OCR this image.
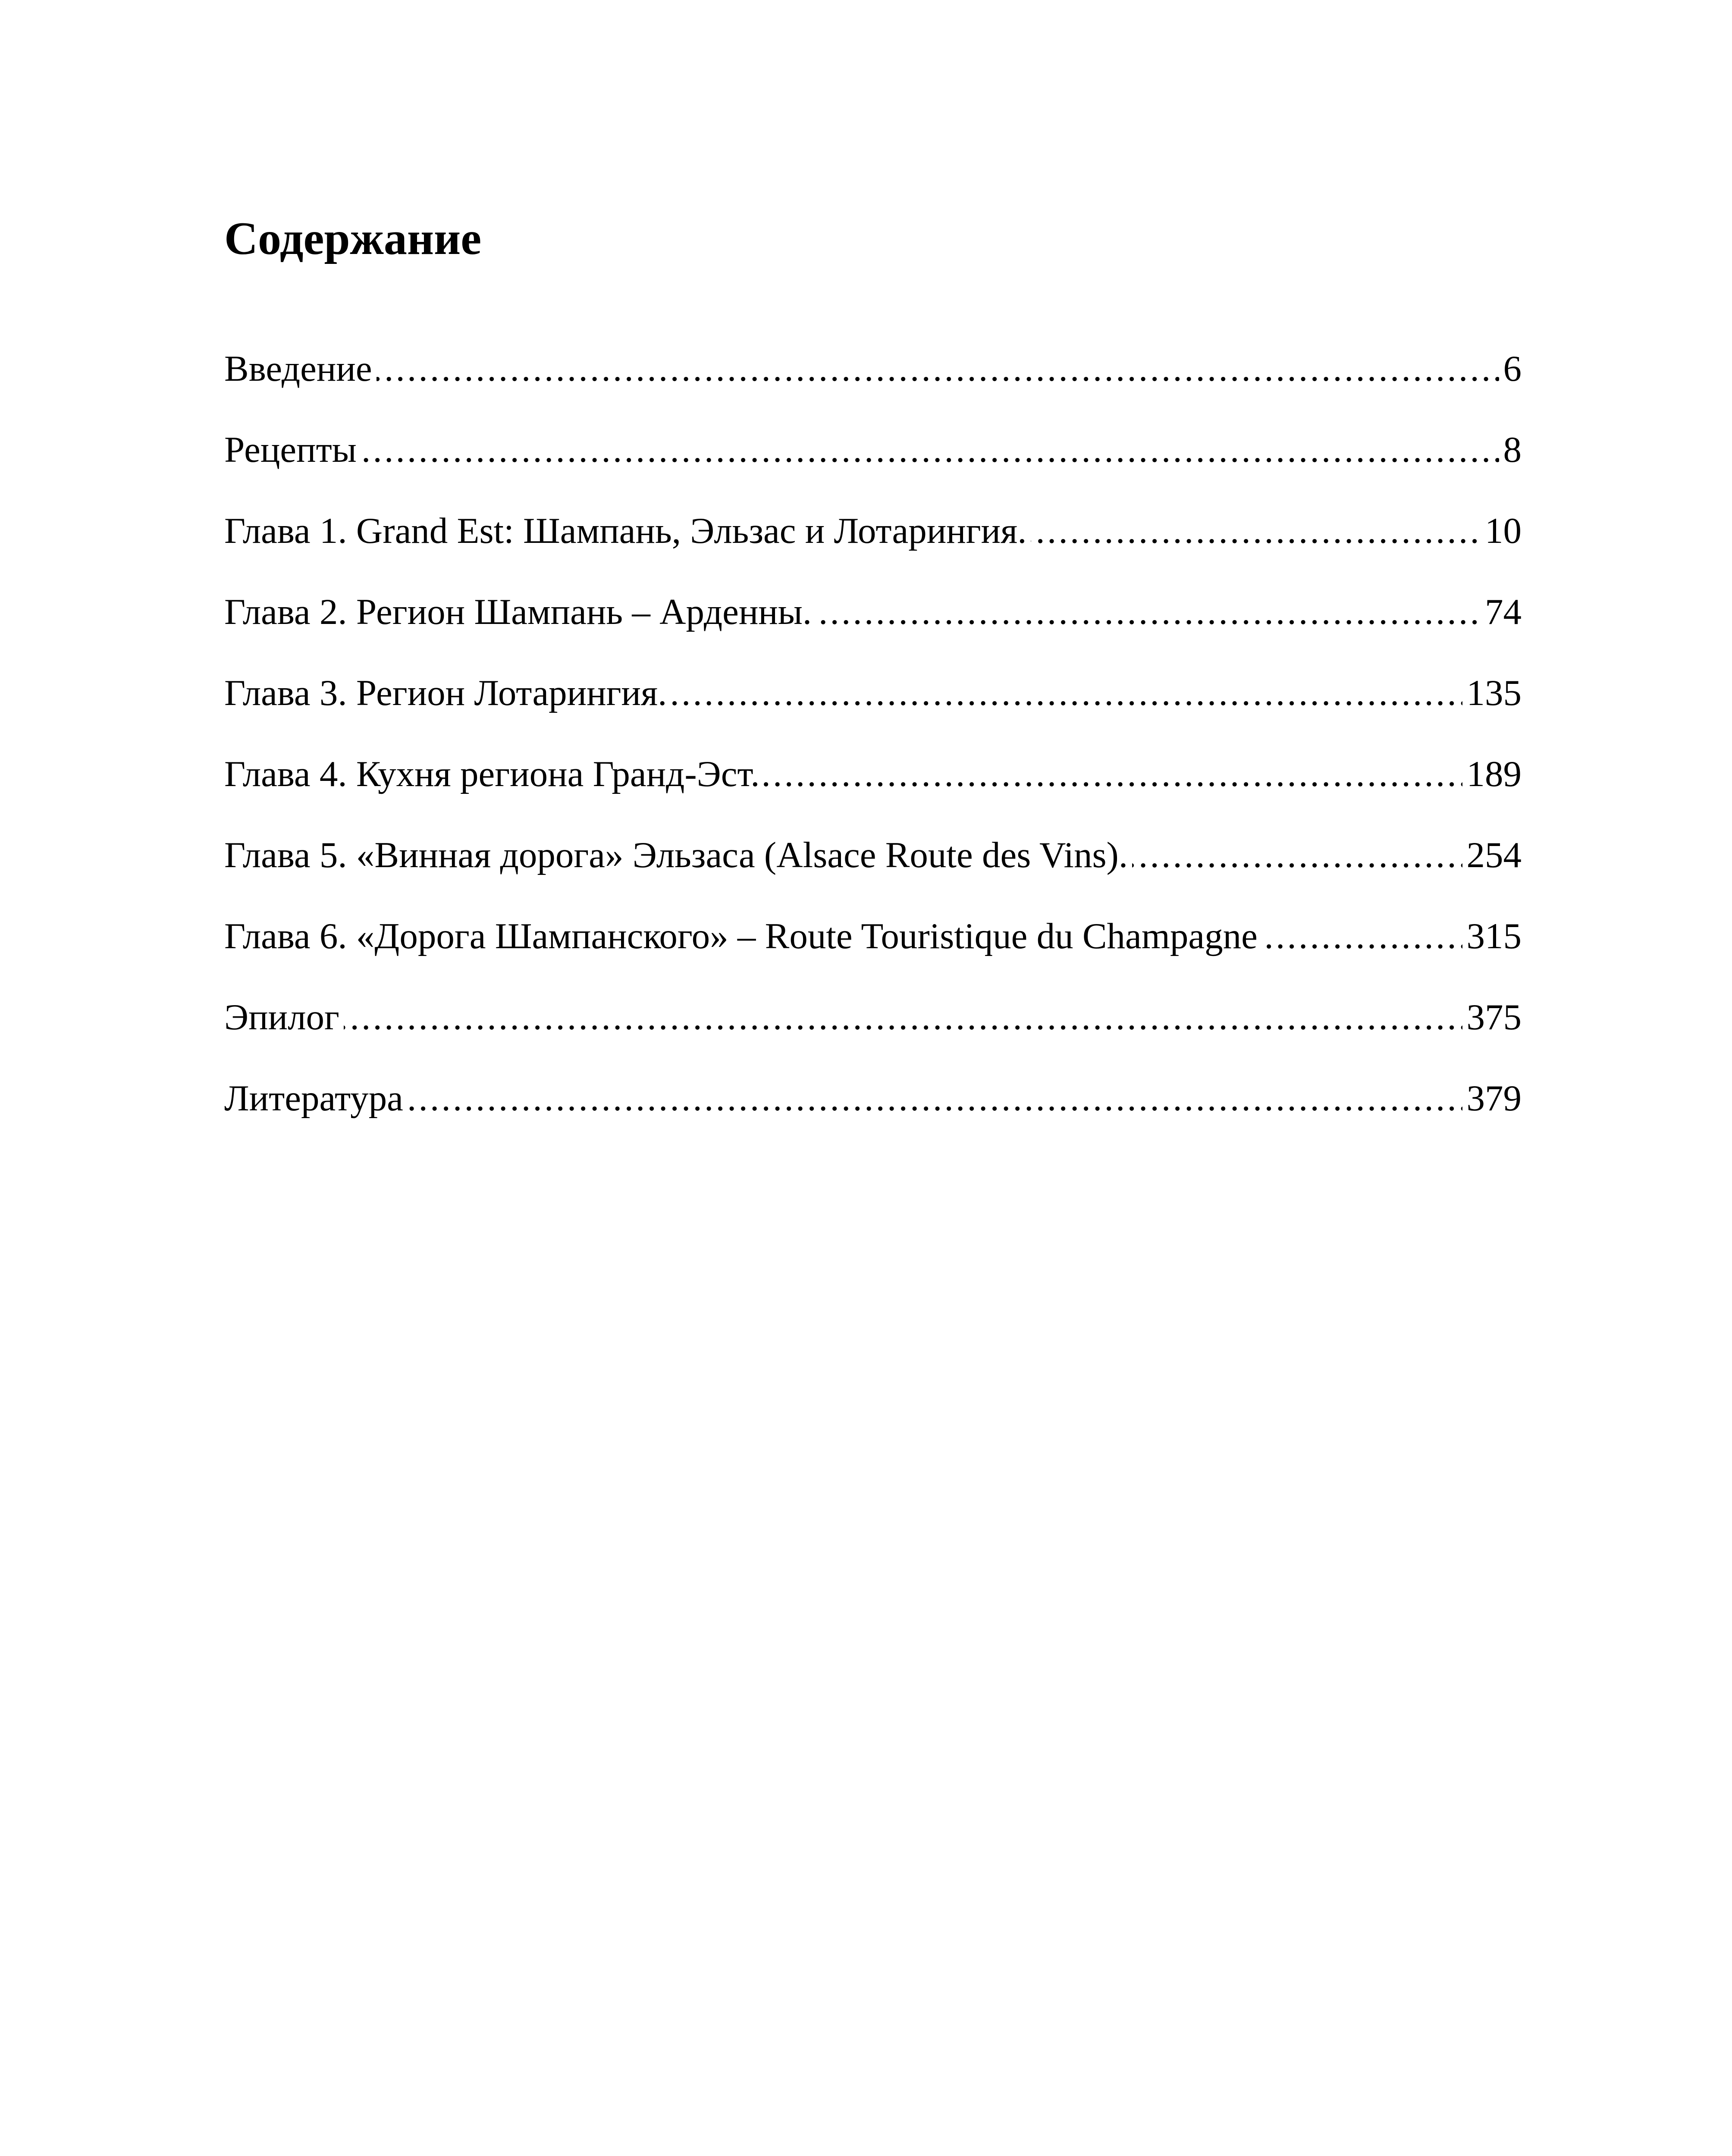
Содержание
Введение	6
. . .
Рецепты	8
. . .
Глава 1. Grand Est: Шампань, Эльзас и Лотарингия.	10
. . .
Глава 2. Регион Шампань – Арденны.	74
. . .
Глава 3. Регион Лотарингия.	135
. . .
Глава 4. Кухня региона Гранд-Эст.	189
. . .
Глава 5. «Винная дорога» Эльзаса (Alsace Route des Vins).	254
. . .
Глава 6. «Дорога Шампанского» – Route Touristique du Champagne	315
. . .
Эпилог	375
. . .
Литература	379
. . .
